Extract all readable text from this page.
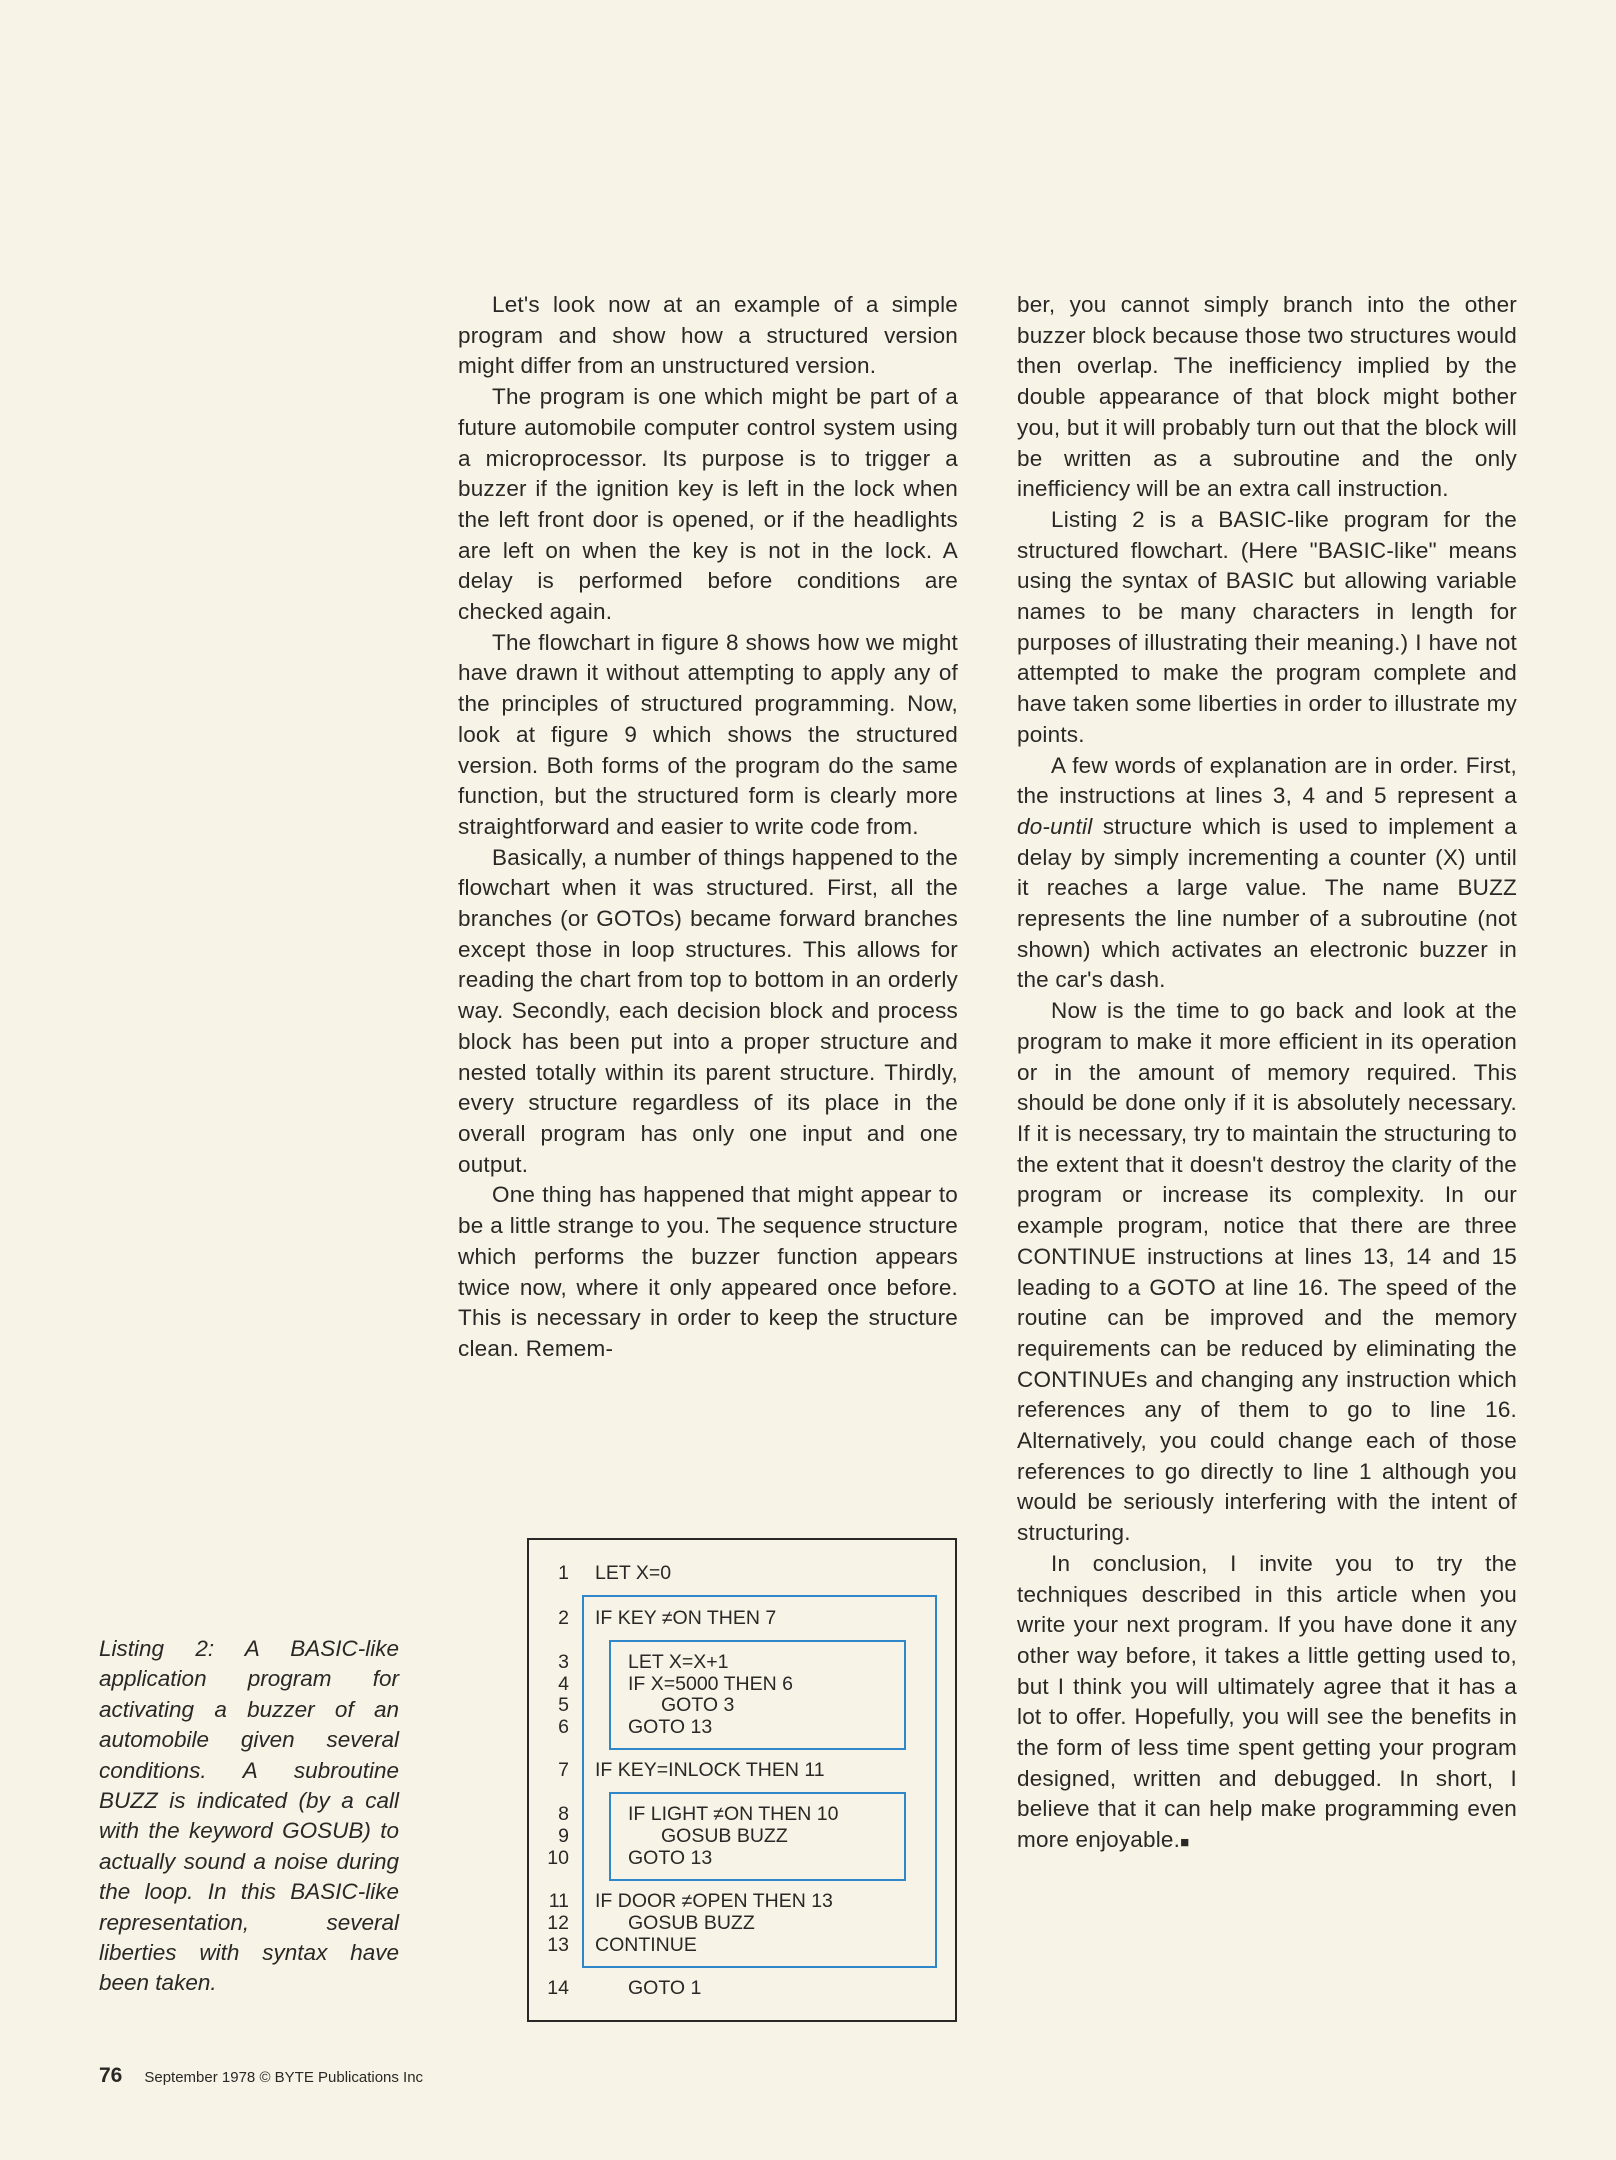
Let's look now at an example of a simple program and show how a structured version might differ from an unstructured version.

The program is one which might be part of a future automobile computer control system using a microprocessor. Its purpose is to trigger a buzzer if the ignition key is left in the lock when the left front door is opened, or if the headlights are left on when the key is not in the lock. A delay is performed before conditions are checked again.

The flowchart in figure 8 shows how we might have drawn it without attempting to apply any of the principles of structured programming. Now, look at figure 9 which shows the structured version. Both forms of the program do the same function, but the structured form is clearly more straightforward and easier to write code from.

Basically, a number of things happened to the flowchart when it was structured. First, all the branches (or GOTOs) became forward branches except those in loop structures. This allows for reading the chart from top to bottom in an orderly way. Secondly, each decision block and process block has been put into a proper structure and nested totally within its parent structure. Thirdly, every structure regardless of its place in the overall program has only one input and one output.

One thing has happened that might appear to be a little strange to you. The sequence structure which performs the buzzer function appears twice now, where it only appeared once before. This is necessary in order to keep the structure clean. Remem-

ber, you cannot simply branch into the other buzzer block because those two structures would then overlap. The inefficiency implied by the double appearance of that block might bother you, but it will probably turn out that the block will be written as a subroutine and the only inefficiency will be an extra call instruction.

Listing 2 is a BASIC-like program for the structured flowchart. (Here "BASIC-like" means using the syntax of BASIC but allowing variable names to be many characters in length for purposes of illustrating their meaning.) I have not attempted to make the program complete and have taken some liberties in order to illustrate my points.

A few words of explanation are in order. First, the instructions at lines 3, 4 and 5 represent a do-until structure which is used to implement a delay by simply incrementing a counter (X) until it reaches a large value. The name BUZZ represents the line number of a subroutine (not shown) which activates an electronic buzzer in the car's dash.

Now is the time to go back and look at the program to make it more efficient in its operation or in the amount of memory required. This should be done only if it is absolutely necessary. If it is necessary, try to maintain the structuring to the extent that it doesn't destroy the clarity of the program or increase its complexity. In our example program, notice that there are three CONTINUE instructions at lines 13, 14 and 15 leading to a GOTO at line 16. The speed of the routine can be improved and the memory requirements can be reduced by eliminating the CONTINUEs and changing any instruction which references any of them to go to line 16. Alternatively, you could change each of those references to go directly to line 1 although you would be seriously interfering with the intent of structuring.

In conclusion, I invite you to try the techniques described in this article when you write your next program. If you have done it any other way before, it takes a little getting used to, but I think you will ultimately agree that it has a lot to offer. Hopefully, you will see the benefits in the form of less time spent getting your program designed, written and debugged. In short, I believe that it can help make programming even more enjoyable.■

Listing 2: A BASIC-like application program for activating a buzzer of an automobile given several conditions. A subroutine BUZZ is indicated (by a call with the keyword GOSUB) to actually sound a noise during the loop. In this BASIC-like representation, several liberties with syntax have been taken.
1 LET X=0
2 IF KEY ≠ON THEN 7
3	LET X=X+1
4	IF X=5000 THEN 6
5	GOTO 3
6	GOTO 13
7 IF KEY=INLOCK THEN 11
8	IF LIGHT ≠ON THEN 10
9	GOSUB BUZZ
10	GOTO 13
11 IF DOOR ≠OPEN THEN 13
12	GOSUB BUZZ
13 CONTINUE
14	GOTO 1
76 September 1978 © BYTE Publications Inc
